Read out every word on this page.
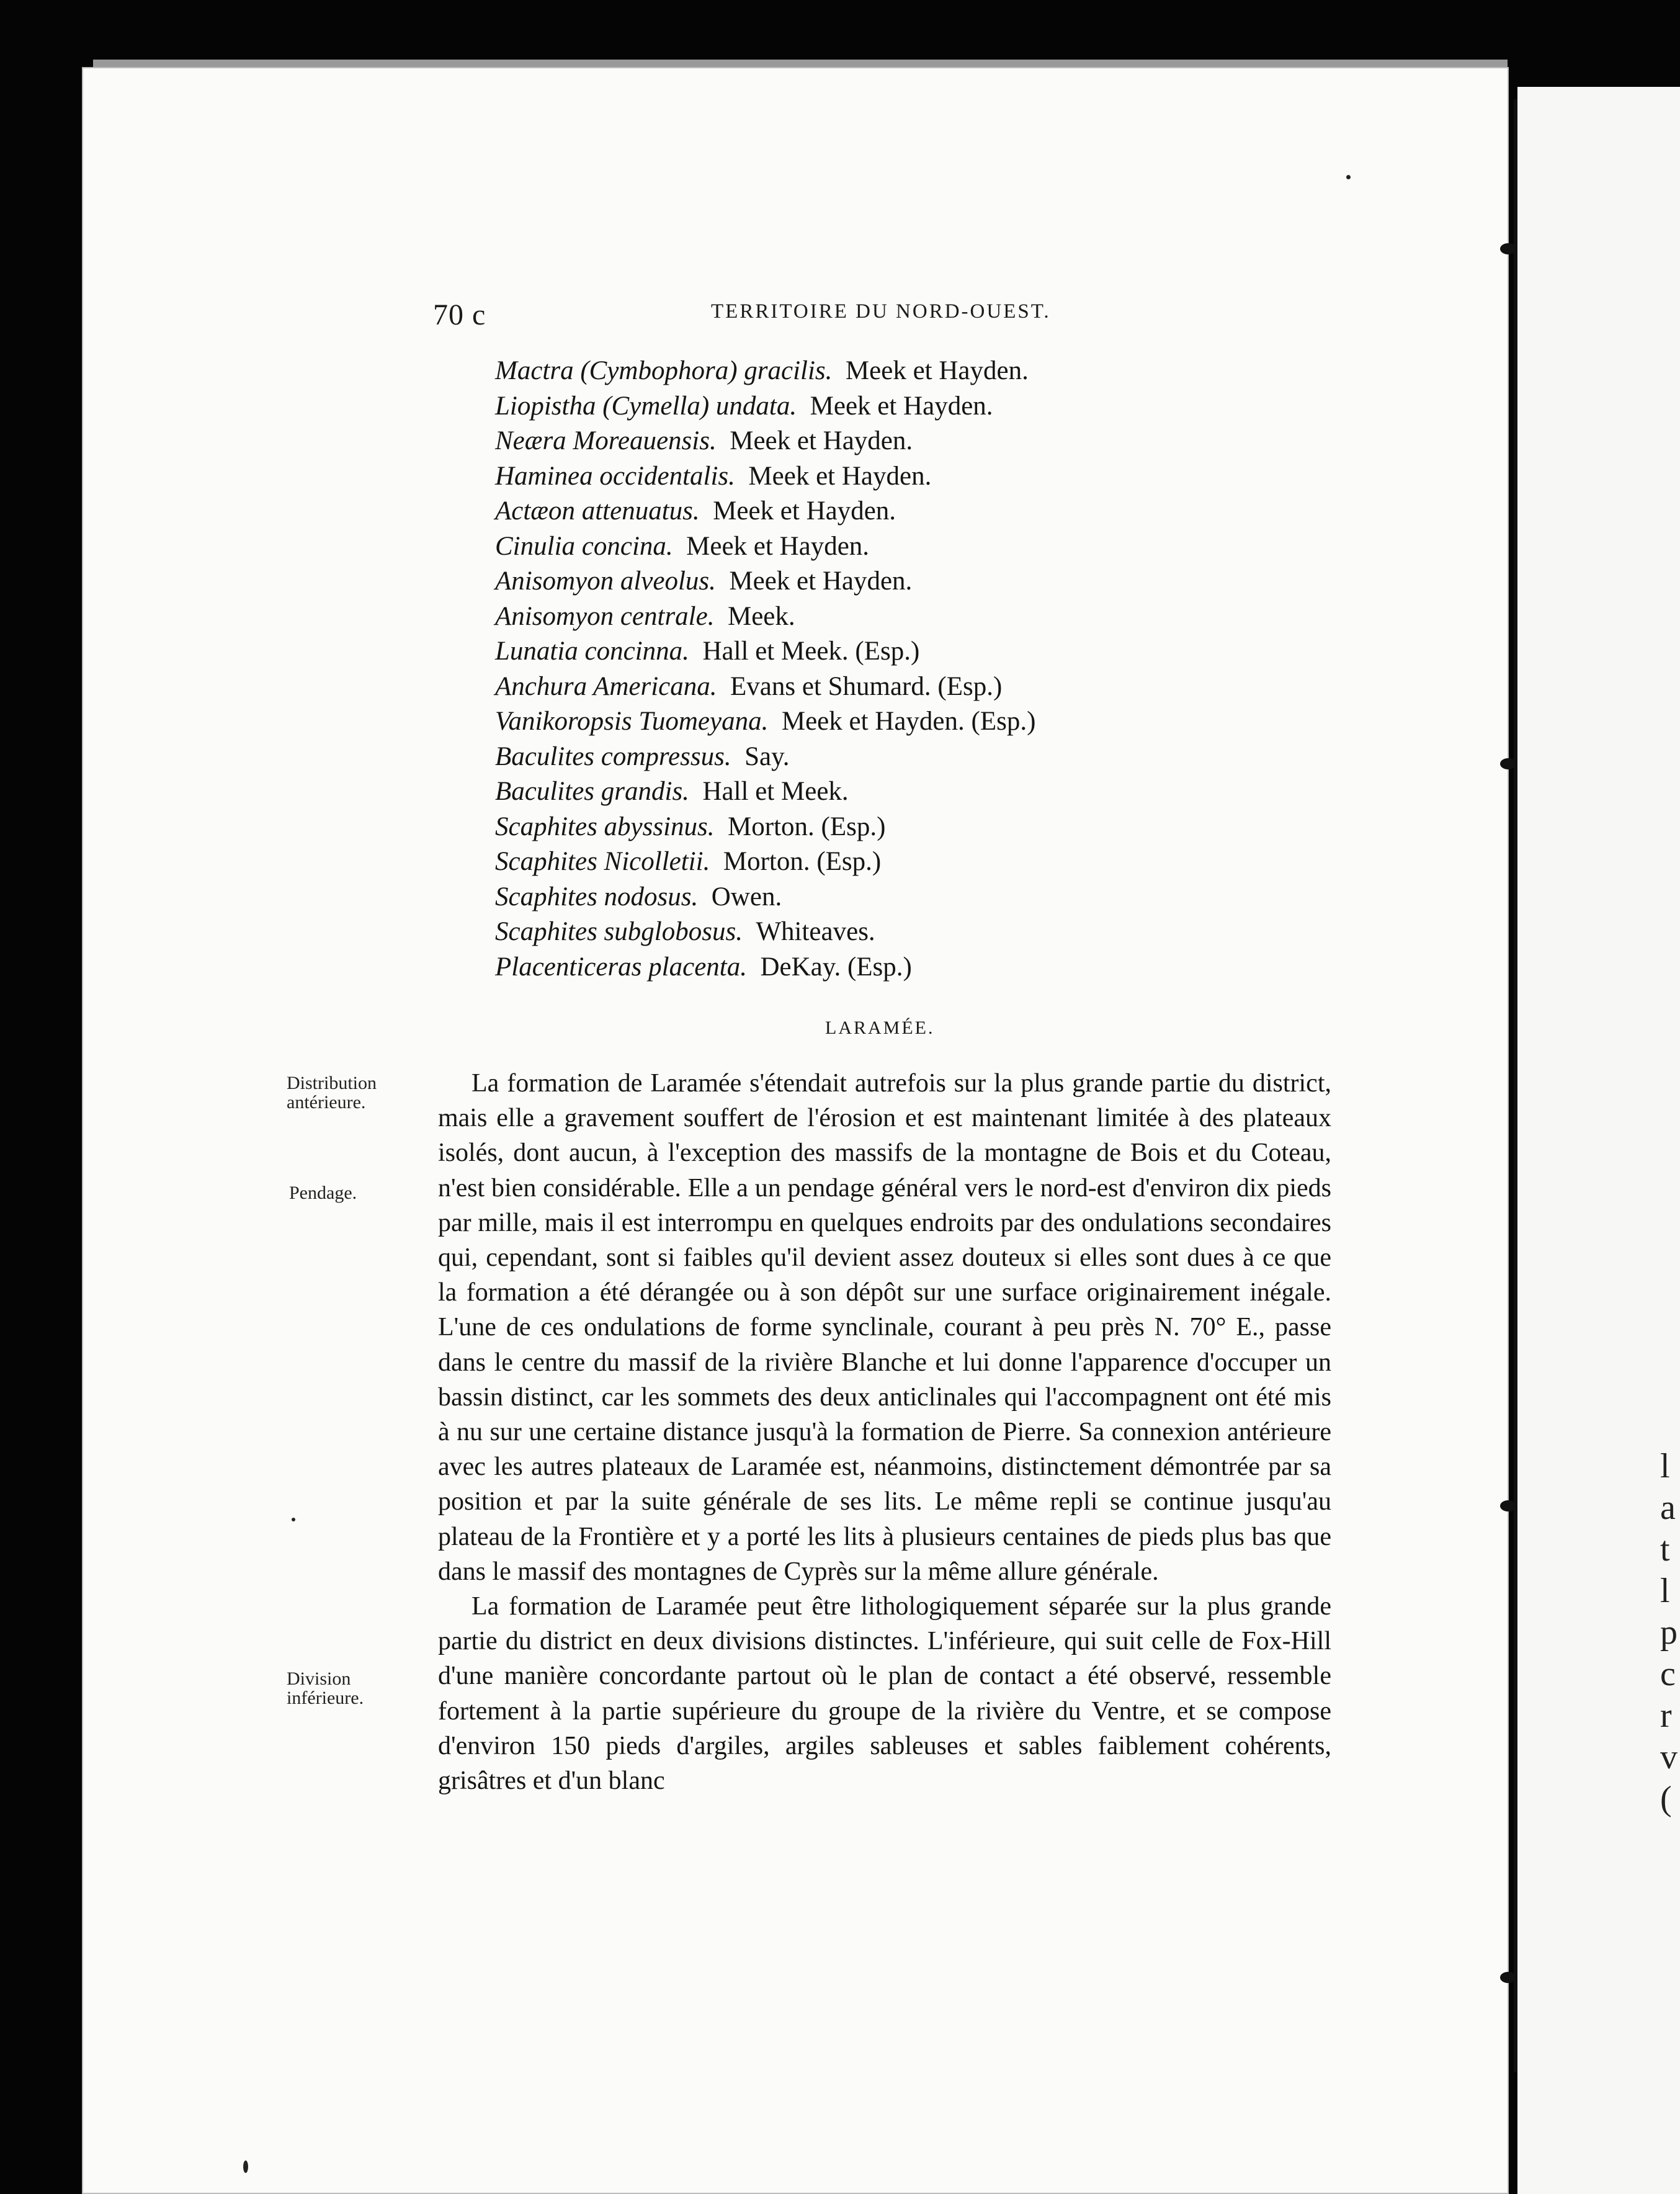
l
a
t
l
p
c
r
v
(
70 c	TERRITOIRE DU NORD-OUEST.
Mactra (Cymbophora) gracilis. Meek et Hayden.
Liopistha (Cymella) undata. Meek et Hayden.
Neæra Moreauensis. Meek et Hayden.
Haminea occidentalis. Meek et Hayden.
Actæon attenuatus. Meek et Hayden.
Cinulia concina. Meek et Hayden.
Anisomyon alveolus. Meek et Hayden.
Anisomyon centrale. Meek.
Lunatia concinna. Hall et Meek. (Esp.)
Anchura Americana. Evans et Shumard. (Esp.)
Vanikoropsis Tuomeyana. Meek et Hayden. (Esp.)
Baculites compressus. Say.
Baculites grandis. Hall et Meek.
Scaphites abyssinus. Morton. (Esp.)
Scaphites Nicolletii. Morton. (Esp.)
Scaphites nodosus. Owen.
Scaphites subglobosus. Whiteaves.
Placenticeras placenta. DeKay. (Esp.)
LARAMÉE.
Distribution antérieure.
Pendage.
Division inférieure.

La formation de Laramée s'étendait autrefois sur la plus grande partie du district, mais elle a gravement souffert de l'érosion et est maintenant limitée à des plateaux isolés, dont aucun, à l'exception des massifs de la montagne de Bois et du Coteau, n'est bien considérable. Elle a un pendage général vers le nord-est d'environ dix pieds par mille, mais il est interrompu en quelques endroits par des ondulations secondaires qui, cependant, sont si faibles qu'il devient assez douteux si elles sont dues à ce que la formation a été dérangée ou à son dépôt sur une surface originairement inégale. L'une de ces ondulations de forme synclinale, courant à peu près N. 70° E., passe dans le centre du massif de la rivière Blanche et lui donne l'apparence d'occuper un bassin distinct, car les sommets des deux anticlinales qui l'accompagnent ont été mis à nu sur une certaine distance jusqu'à la formation de Pierre. Sa connexion antérieure avec les autres plateaux de Laramée est, néanmoins, distinctement démontrée par sa position et par la suite générale de ses lits. Le même repli se continue jusqu'au plateau de la Frontière et y a porté les lits à plusieurs centaines de pieds plus bas que dans le massif des montagnes de Cyprès sur la même allure générale.

La formation de Laramée peut être lithologiquement séparée sur la plus grande partie du district en deux divisions distinctes. L'inférieure, qui suit celle de Fox-Hill d'une manière concordante partout où le plan de contact a été observé, ressemble fortement à la partie supérieure du groupe de la rivière du Ventre, et se compose d'environ 150 pieds d'argiles, argiles sableuses et sables faiblement cohérents, grisâtres et d'un blanc
